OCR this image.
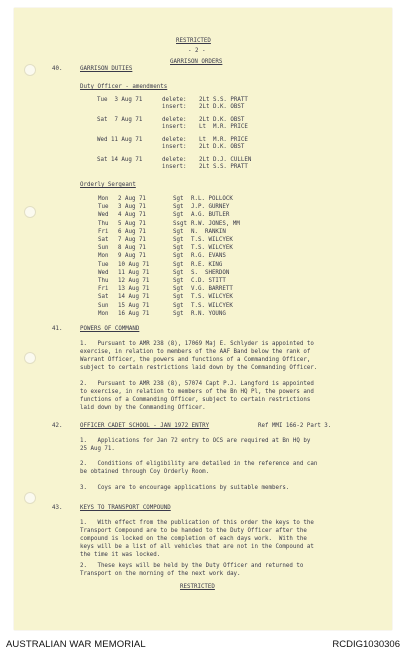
RESTRICTED
- 2 -
GARRISON ORDERS
40.	GARRISON DUTIES
Duty Officer - amendments
Tue  3 Aug 71	delete: 2Lt S.S. PRATT
insert: 2Lt D.K. OBST
Sat  7 Aug 71	delete: 2Lt D.K. OBST
insert: Lt  M.R. PRICE
Wed 11 Aug 71	delete: Lt  M.R. PRICE
insert: 2Lt D.K. OBST
Sat 14 Aug 71	delete: 2Lt D.J. CULLEN
insert: 2Lt S.S. PRATT
Orderly Sergeant
Mon 2 Aug 71	Sgt R.L. POLLOCK
Tue 3 Aug 71	Sgt J.P. GURNEY
Wed 4 Aug 71	Sgt A.G. BUTLER
Thu 5 Aug 71	Ssgt R.W. JONES, MM
Fri 6 Aug 71	Sgt N.  RANKIN
Sat 7 Aug 71	Sgt T.S. WILCYEK
Sun 8 Aug 71	Sgt T.S. WILCYEK
Mon 9 Aug 71	Sgt R.G. EVANS
Tue 10 Aug 71	Sgt R.E. KING
Wed 11 Aug 71	Sgt S.  SHERDON
Thu 12 Aug 71	Sgt C.D. STITT
Fri 13 Aug 71	Sgt V.G. BARRETT
Sat 14 Aug 71	Sgt T.S. WILCYEK
Sun 15 Aug 71	Sgt T.S. WILCYEK
Mon 16 Aug 71	Sgt R.N. YOUNG
41.	POWERS OF COMMAND
1.   Pursuant to AMR 238 (8), 17069 Maj E. Schlyder is appointed to
exercise, in relation to members of the AAF Band below the rank of
Warrant Officer, the powers and functions of a Commanding Officer,
subject to certain restrictions laid down by the Commanding Officer.
2.   Pursuant to AMR 238 (8), 57074 Capt P.J. Langford is appointed
to exercise, in relation to members of the Bn HQ Pl, the powers and
functions of a Commanding Officer, subject to certain restrictions
laid down by the Commanding Officer.
42.	OFFICER CADET SCHOOL - JAN 1972 ENTRY	Ref MMI 166-2 Part 3.
1.   Applications for Jan 72 entry to OCS are required at Bn HQ by
25 Aug 71.
2.   Conditions of eligibility are detailed in the reference and can
be obtained through Coy Orderly Room.
3.   Coys are to encourage applications by suitable members.
43.	KEYS TO TRANSPORT COMPOUND
1.   With effect from the publication of this order the keys to the
Transport Compound are to be handed to the Duty Officer after the
compound is locked on the completion of each days work.  With the
keys will be a list of all vehicles that are not in the Compound at
the time it was locked.
2.   These keys will be held by the Duty Officer and returned to
Transport on the morning of the next work day.
RESTRICTED
AUSTRALIAN WAR MEMORIAL	RCDIG1030306
